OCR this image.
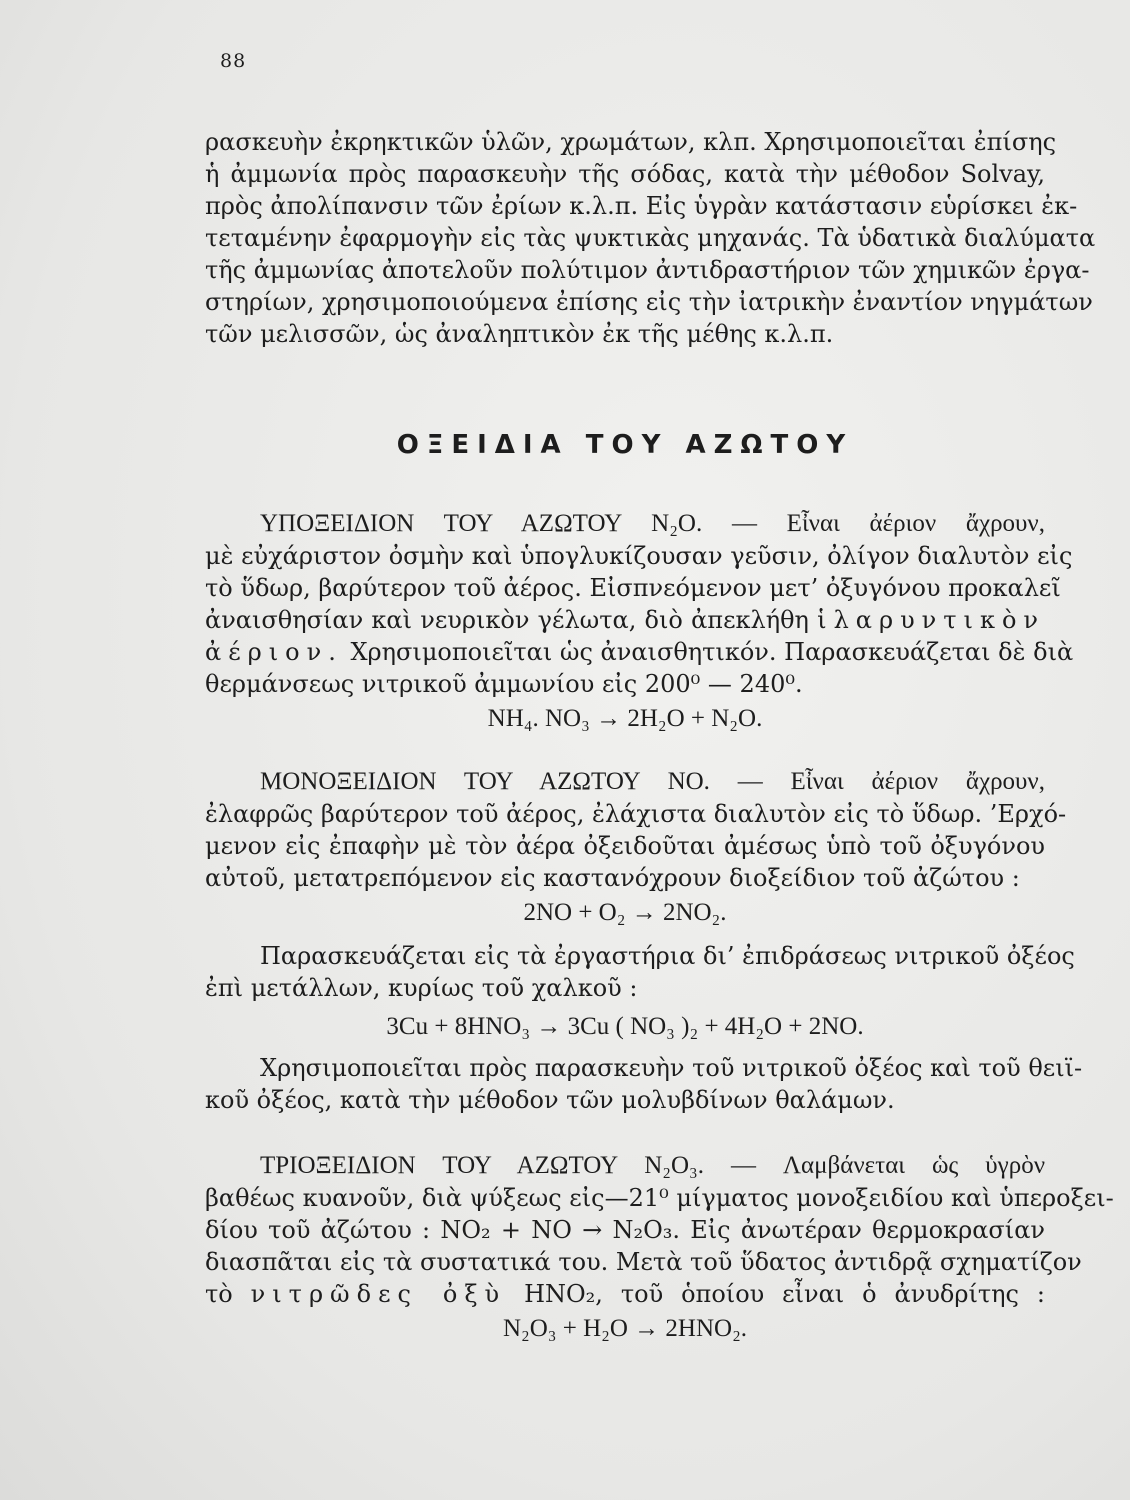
88
ρασκευὴν ἐκρηκτικῶν ὑλῶν, χρωμάτων, κλπ. Χρησιμοποιεῖται ἐπίσης
ἡ ἀμμωνία πρὸς παρασκευὴν τῆς σόδας, κατὰ τὴν μέθοδον Solvay,
πρὸς ἀπολίπανσιν τῶν ἐρίων κ.λ.π. Εἰς ὑγρὰν κατάστασιν εὑρίσκει ἐκ-
τεταμένην ἐφαρμογὴν εἰς τὰς ψυκτικὰς μηχανάς. Τὰ ὑδατικὰ διαλύματα
τῆς ἀμμωνίας ἀποτελοῦν πολύτιμον ἀντιδραστήριον τῶν χημικῶν ἐργα-
στηρίων, χρησιμοποιούμενα ἐπίσης εἰς τὴν ἰατρικὴν ἐναντίον νηγμάτων
τῶν μελισσῶν, ὡς ἀναληπτικὸν ἐκ τῆς μέθης κ.λ.π.
ΟΞΕΙΔΙΑ ΤΟΥ ΑΖΩΤΟΥ
ΥΠΟΞΕΙΔΙΟΝ ΤΟΥ ΑΖΩΤΟΥ N₂O. — Εἶναι ἀέριον ἄχρουν,
μὲ εὐχάριστον ὀσμὴν καὶ ὑπογλυκίζουσαν γεῦσιν, ὀλίγον διαλυτὸν εἰς
τὸ ὕδωρ, βαρύτερον τοῦ ἀέρος. Εἰσπνεόμενον μετ’ ὀξυγόνου προκαλεῖ
ἀναισθησίαν καὶ νευρικὸν γέλωτα, διὸ ἀπεκλήθη ἱλαρυντικὸν
ἀέριον. Χρησιμοποιεῖται ὡς ἀναισθητικόν. Παρασκευάζεται δὲ διὰ
θερμάνσεως νιτρικοῦ ἀμμωνίου εἰς 200⁰ — 240⁰.
NH₄. NO₃ → 2H₂O + N₂O.
ΜΟΝΟΞΕΙΔΙΟΝ ΤΟΥ ΑΖΩΤΟΥ NO. — Εἶναι ἀέριον ἄχρουν,
ἐλαφρῶς βαρύτερον τοῦ ἀέρος, ἐλάχιστα διαλυτὸν εἰς τὸ ὕδωρ. ’Ερχό-
μενον εἰς ἐπαφὴν μὲ τὸν ἀέρα ὀξειδοῦται ἀμέσως ὑπὸ τοῦ ὀξυγόνου
αὐτοῦ, μετατρεπόμενον εἰς καστανόχρουν διοξείδιον τοῦ ἀζώτου :
2NO + O₂ → 2NO₂.
Παρασκευάζεται εἰς τὰ ἐργαστήρια δι’ ἐπιδράσεως νιτρικοῦ ὀξέος
ἐπὶ μετάλλων, κυρίως τοῦ χαλκοῦ :
3Cu + 8HNO₃ → 3Cu ( NO₃ )₂ + 4H₂O + 2NO.
Χρησιμοποιεῖται πρὸς παρασκευὴν τοῦ νιτρικοῦ ὀξέος καὶ τοῦ θειϊ-
κοῦ ὀξέος, κατὰ τὴν μέθοδον τῶν μολυβδίνων θαλάμων.
ΤΡΙΟΞΕΙΔΙΟΝ ΤΟΥ ΑΖΩΤΟΥ N₂O₃. — Λαμβάνεται ὡς ὑγρὸν
βαθέως κυανοῦν, διὰ ψύξεως εἰς—21⁰ μίγματος μονοξειδίου καὶ ὑπεροξει-
δίου τοῦ ἀζώτου : NO₂ + NO → N₂O₃. Εἰς ἀνωτέραν θερμοκρασίαν
διασπᾶται εἰς τὰ συστατικά του. Μετὰ τοῦ ὕδατος ἀντιδρᾷ σχηματίζον
τὸ νιτρῶδες ὀξὺ HNO₂, τοῦ ὁποίου εἶναι ὁ ἀνυδρίτης :
N₂O₃ + H₂O → 2HNO₂.
